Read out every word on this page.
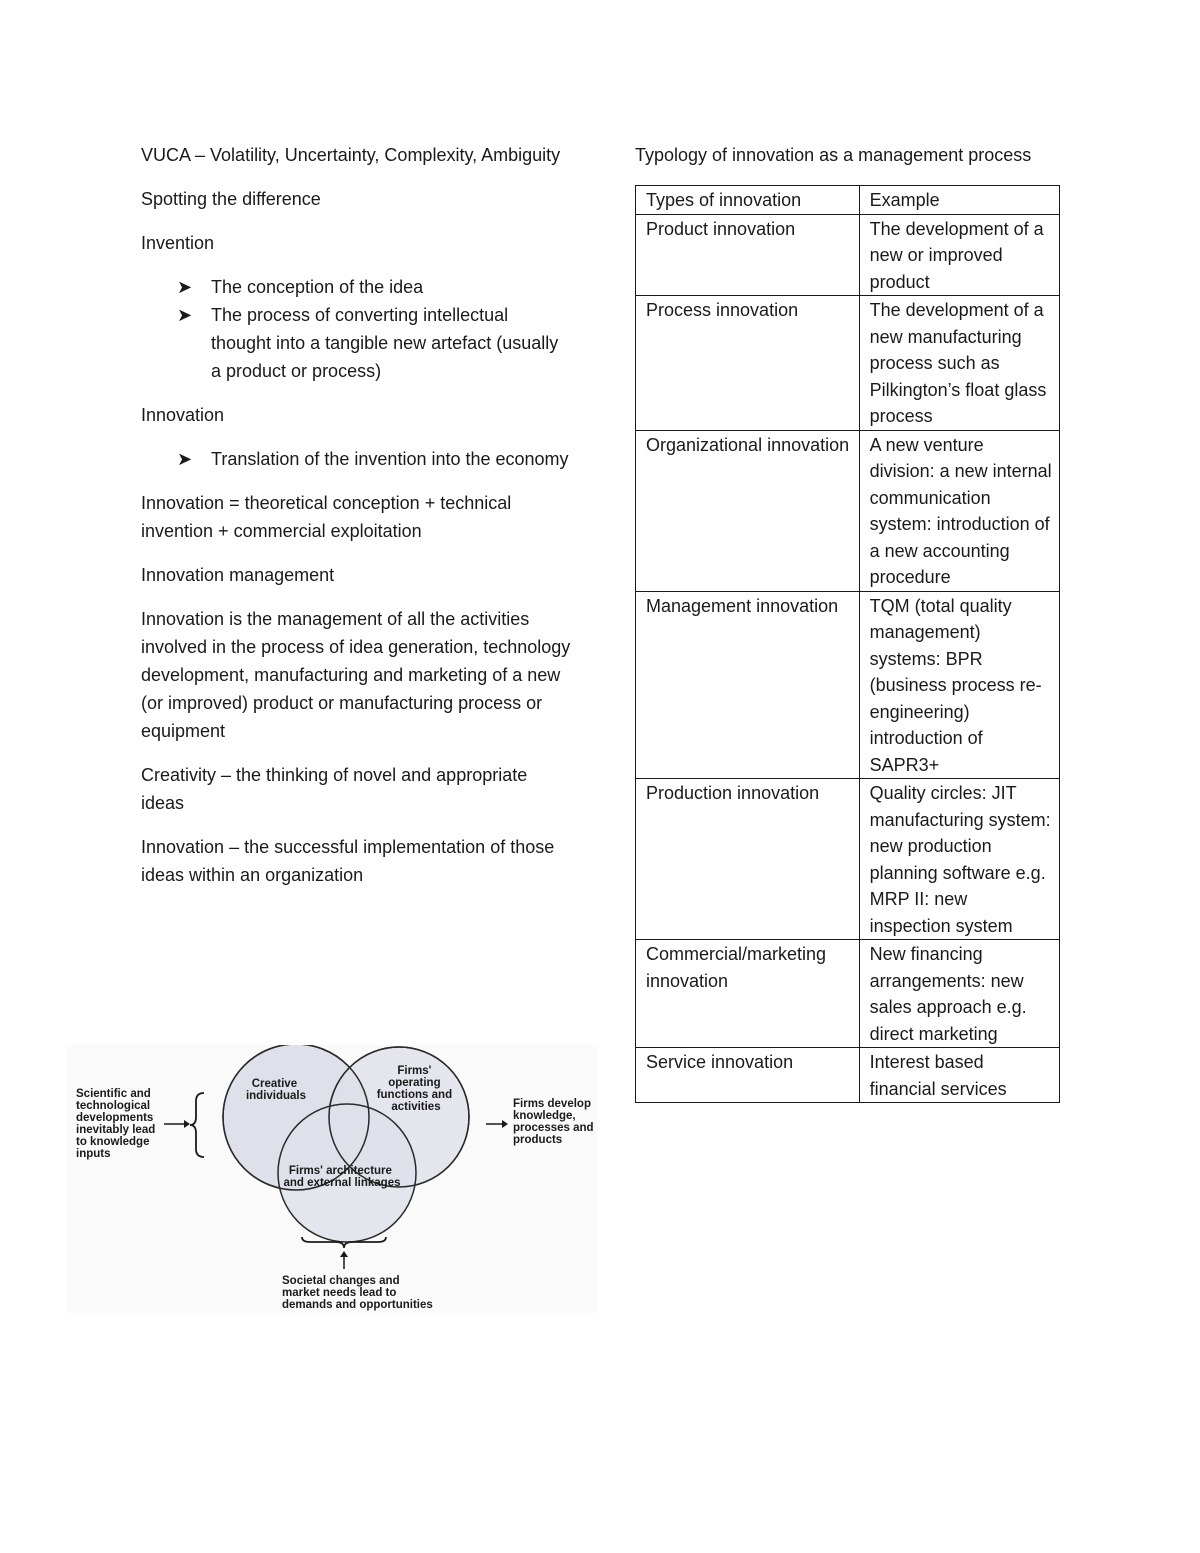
VUCA – Volatility, Uncertainty, Complexity, Ambiguity

Spotting the difference

Invention

➤ The conception of the idea
➤ The process of converting intellectual thought into a tangible new artefact (usually a product or process)

Innovation

➤ Translation of the invention into the economy

Innovation = theoretical conception + technical invention + commercial exploitation

Innovation management

Innovation is the management of all the activities involved in the process of idea generation, technology development, manufacturing and marketing of a new (or improved) product or manufacturing process or equipment

Creativity – the thinking of novel and appropriate ideas

Innovation – the successful implementation of those ideas within an organization

Scientific and technological developments inevitably lead to knowledge inputs
Creative individuals
Firms' operating functions and activities
Firms' architecture and external linkages
Firms develop knowledge, processes and products
Societal changes and market needs lead to demands and opportunities

Typology of innovation as a management process

Types of innovation	Example
Product innovation	The development of a new or improved product
Process innovation	The development of a new manufacturing process such as Pilkington’s float glass process
Organizational innovation	A new venture division: a new internal communication system: introduction of a new accounting procedure
Management innovation	TQM (total quality management) systems: BPR (business process re-engineering) introduction of SAPR3+
Production innovation	Quality circles: JIT manufacturing system: new production planning software e.g. MRP II: new inspection system
Commercial/marketing innovation	New financing arrangements: new sales approach e.g. direct marketing
Service innovation	Interest based financial services
